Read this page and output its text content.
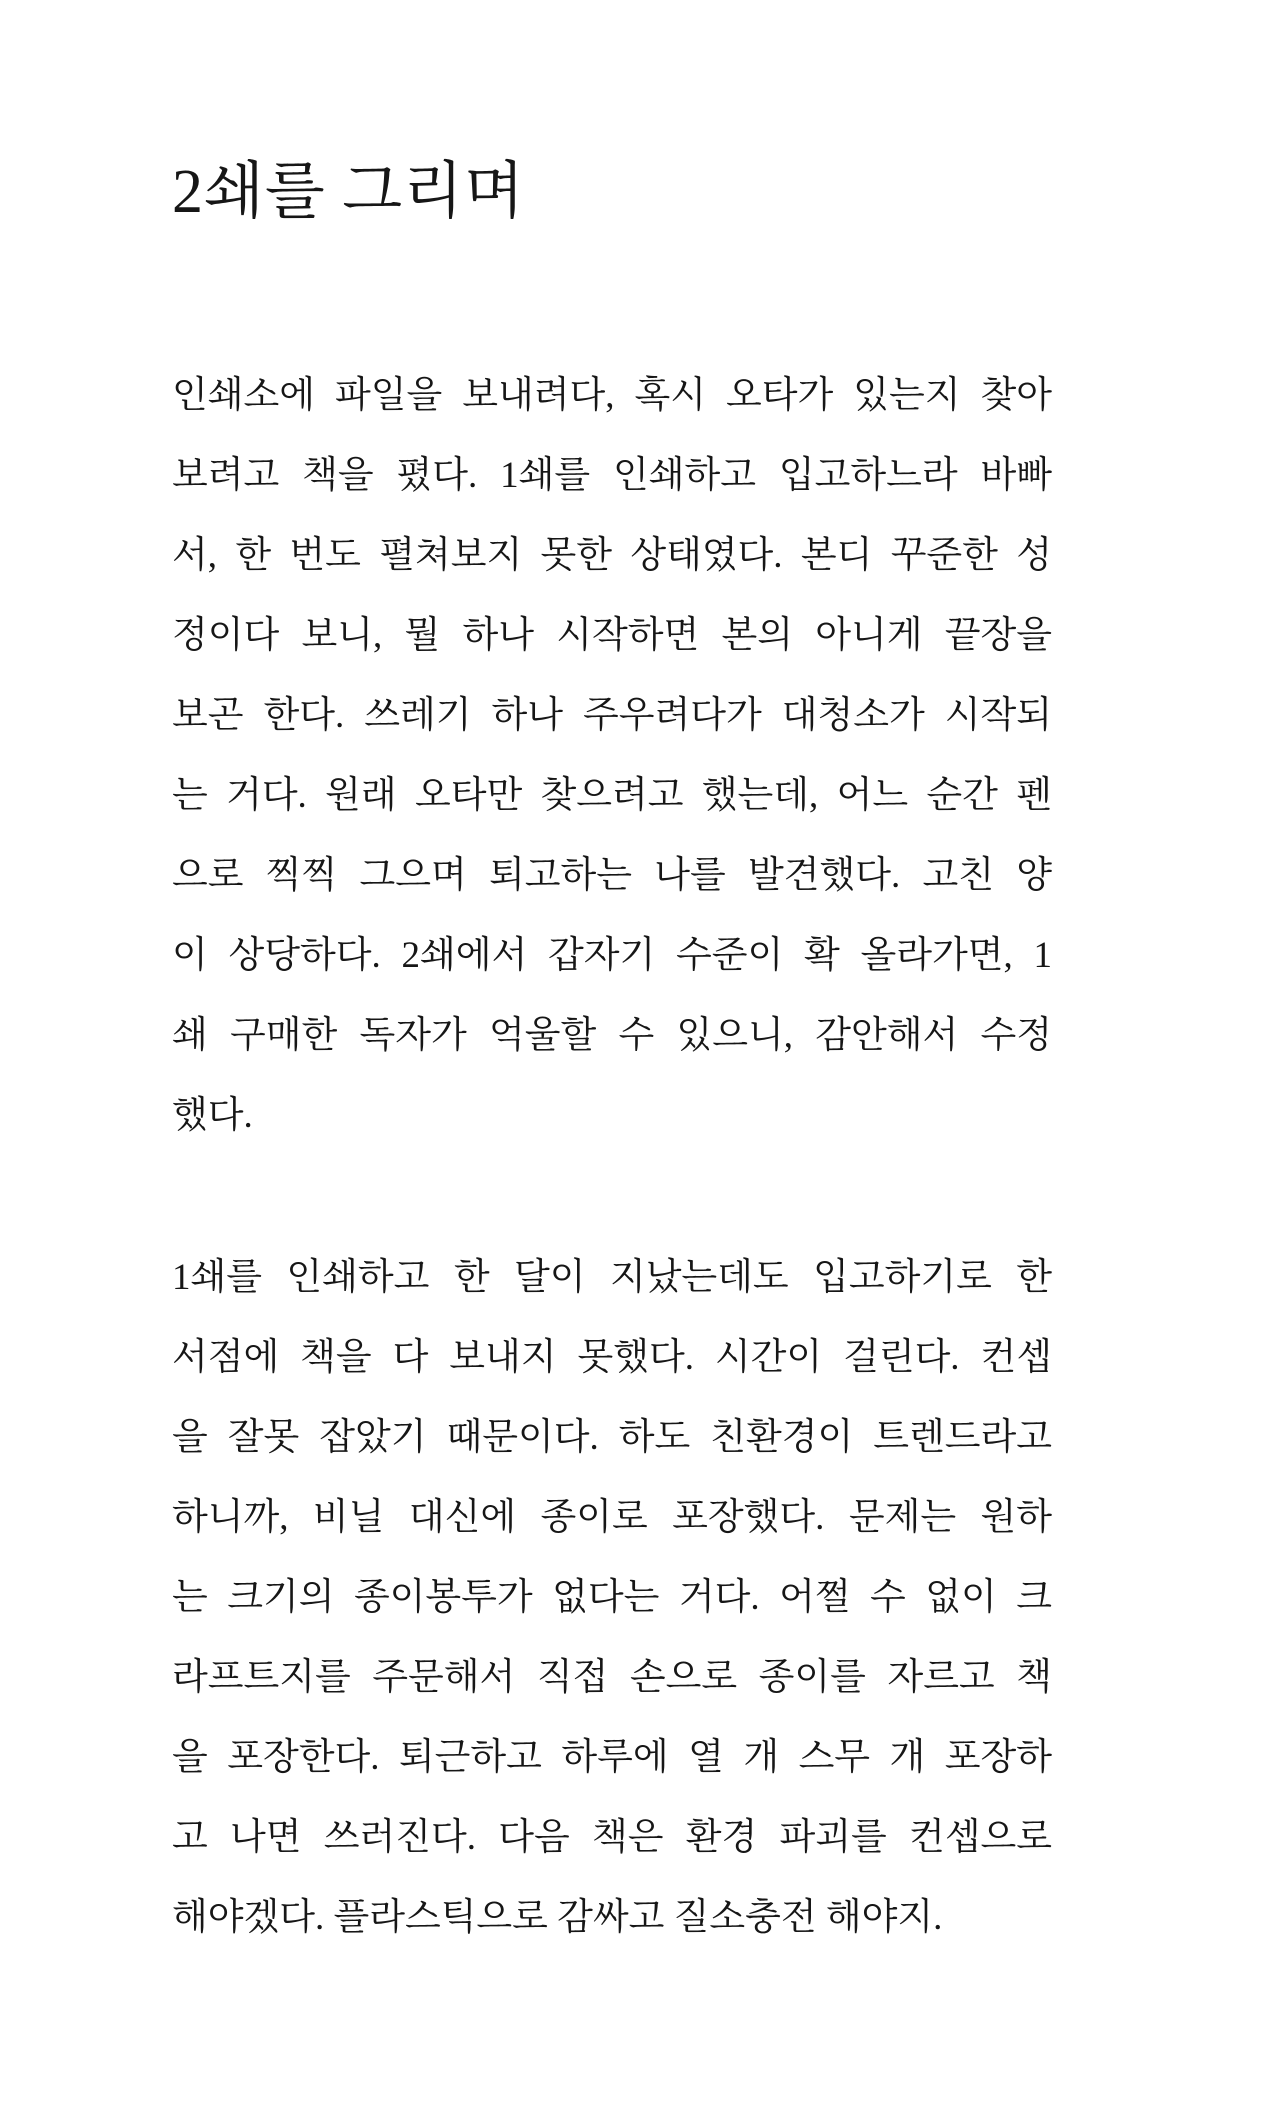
2쇄를 그리며
인쇄소에 파일을 보내려다, 혹시 오타가 있는지 찾아
보려고 책을 폈다. 1쇄를 인쇄하고 입고하느라 바빠
서, 한 번도 펼쳐보지 못한 상태였다. 본디 꾸준한 성
정이다 보니, 뭘 하나 시작하면 본의 아니게 끝장을
보곤 한다. 쓰레기 하나 주우려다가 대청소가 시작되
는 거다. 원래 오타만 찾으려고 했는데, 어느 순간 펜
으로 찍찍 그으며 퇴고하는 나를 발견했다. 고친 양
이 상당하다. 2쇄에서 갑자기 수준이 확 올라가면, 1
쇄 구매한 독자가 억울할 수 있으니, 감안해서 수정
했다.
1쇄를 인쇄하고 한 달이 지났는데도 입고하기로 한
서점에 책을 다 보내지 못했다. 시간이 걸린다. 컨셉
을 잘못 잡았기 때문이다. 하도 친환경이 트렌드라고
하니까, 비닐 대신에 종이로 포장했다. 문제는 원하
는 크기의 종이봉투가 없다는 거다. 어쩔 수 없이 크
라프트지를 주문해서 직접 손으로 종이를 자르고 책
을 포장한다. 퇴근하고 하루에 열 개 스무 개 포장하
고 나면 쓰러진다. 다음 책은 환경 파괴를 컨셉으로
해야겠다. 플라스틱으로 감싸고 질소충전 해야지.
